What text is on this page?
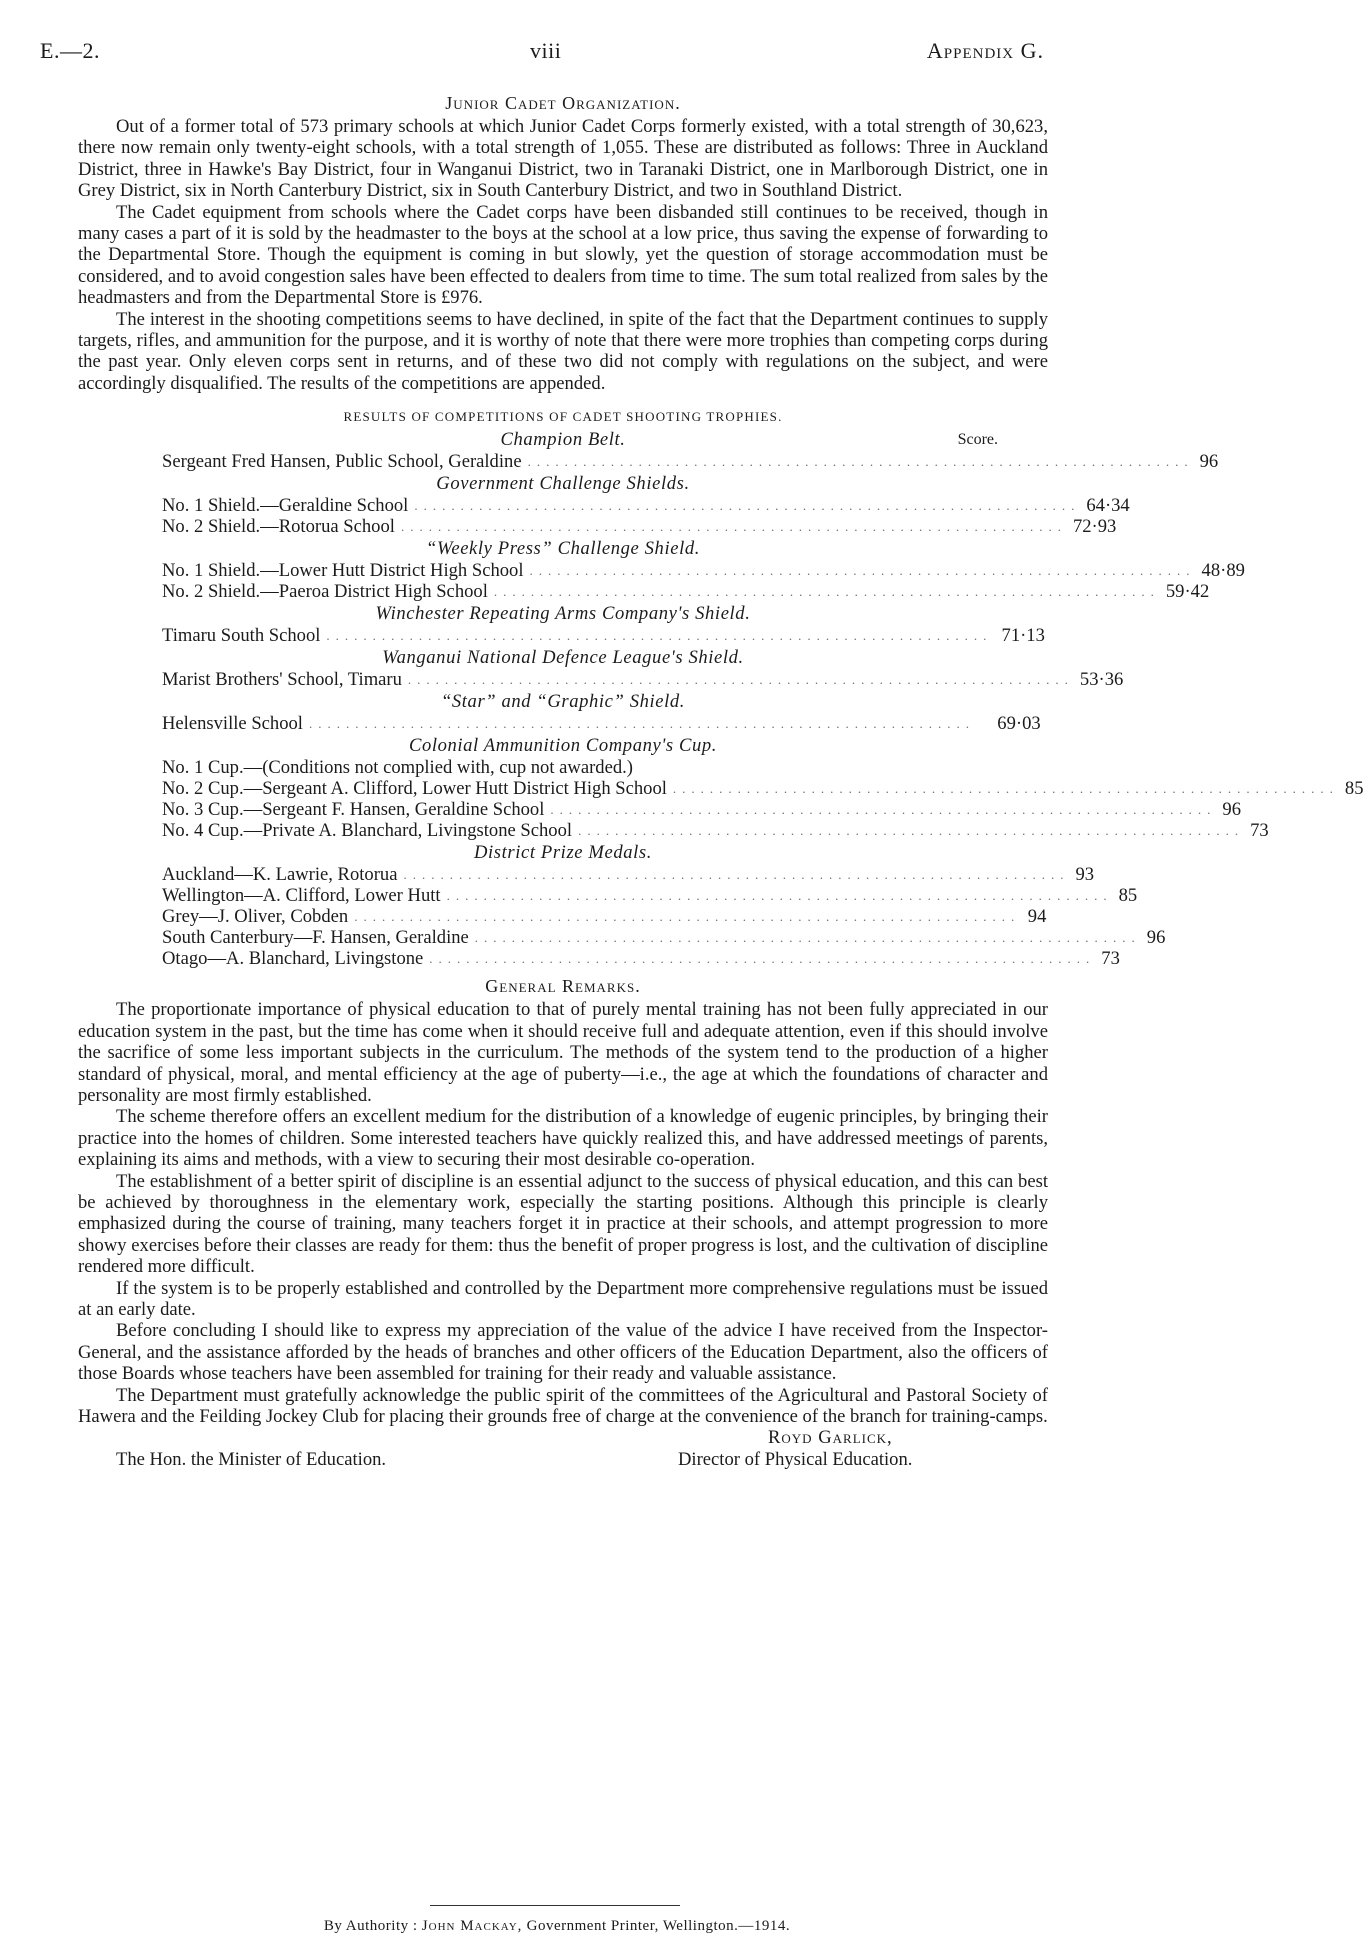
E.—2.	viii	Appendix G.
Junior Cadet Organization.

Out of a former total of 573 primary schools at which Junior Cadet Corps formerly existed, with a total strength of 30,623, there now remain only twenty-eight schools, with a total strength of 1,055. These are distributed as follows: Three in Auckland District, three in Hawke's Bay District, four in Wanganui District, two in Taranaki District, one in Marlborough District, one in Grey District, six in North Canterbury District, six in South Canterbury District, and two in Southland District.

The Cadet equipment from schools where the Cadet corps have been disbanded still continues to be received, though in many cases a part of it is sold by the headmaster to the boys at the school at a low price, thus saving the expense of forwarding to the Departmental Store. Though the equipment is coming in but slowly, yet the question of storage accommodation must be considered, and to avoid congestion sales have been effected to dealers from time to time. The sum total realized from sales by the headmasters and from the Departmental Store is £976.

The interest in the shooting competitions seems to have declined, in spite of the fact that the Department continues to supply targets, rifles, and ammunition for the purpose, and it is worthy of note that there were more trophies than competing corps during the past year. Only eleven corps sent in returns, and of these two did not comply with regulations on the subject, and were accordingly disqualified. The results of the competitions are appended.

RESULTS OF COMPETITIONS OF CADET SHOOTING TROPHIES.
Champion Belt.	Score.
Sergeant Fred Hansen, Public School, Geraldine ........................................................................ 96
Government Challenge Shields.
No. 1 Shield.—Geraldine School ........................................................................ 64·34
No. 2 Shield.—Rotorua School ........................................................................ 72·93
“Weekly Press” Challenge Shield.
No. 1 Shield.—Lower Hutt District High School ........................................................................ 48·89
No. 2 Shield.—Paeroa District High School ........................................................................ 59·42
Winchester Repeating Arms Company's Shield.
Timaru South School ........................................................................ 71·13
Wanganui National Defence League's Shield.
Marist Brothers' School, Timaru ........................................................................ 53·36
“Star” and “Graphic” Shield.
Helensville School ........................................................................	69·03
Colonial Ammunition Company's Cup.
No. 1 Cup.—(Conditions not complied with, cup not awarded.)
No. 2 Cup.—Sergeant A. Clifford, Lower Hutt District High School ........................................................................ 85
No. 3 Cup.—Sergeant F. Hansen, Geraldine School ........................................................................ 96
No. 4 Cup.—Private A. Blanchard, Livingstone School ........................................................................ 73
District Prize Medals.
Auckland—K. Lawrie, Rotorua ........................................................................ 93
Wellington—A. Clifford, Lower Hutt ........................................................................ 85
Grey—J. Oliver, Cobden ........................................................................ 94
South Canterbury—F. Hansen, Geraldine ........................................................................ 96
Otago—A. Blanchard, Livingstone ........................................................................ 73
General Remarks.

The proportionate importance of physical education to that of purely mental training has not been fully appreciated in our education system in the past, but the time has come when it should receive full and adequate attention, even if this should involve the sacrifice of some less important subjects in the curriculum. The methods of the system tend to the production of a higher standard of physical, moral, and mental efficiency at the age of puberty—i.e., the age at which the foundations of character and personality are most firmly established.

The scheme therefore offers an excellent medium for the distribution of a knowledge of eugenic principles, by bringing their practice into the homes of children. Some interested teachers have quickly realized this, and have addressed meetings of parents, explaining its aims and methods, with a view to securing their most desirable co-operation.

The establishment of a better spirit of discipline is an essential adjunct to the success of physical education, and this can best be achieved by thoroughness in the elementary work, especially the starting positions. Although this principle is clearly emphasized during the course of training, many teachers forget it in practice at their schools, and attempt progression to more showy exercises before their classes are ready for them: thus the benefit of proper progress is lost, and the cultivation of discipline rendered more difficult.

If the system is to be properly established and controlled by the Department more comprehensive regulations must be issued at an early date.

Before concluding I should like to express my appreciation of the value of the advice I have received from the Inspector-General, and the assistance afforded by the heads of branches and other officers of the Education Department, also the officers of those Boards whose teachers have been assembled for training for their ready and valuable assistance.

The Department must gratefully acknowledge the public spirit of the committees of the Agricultural and Pastoral Society of Hawera and the Feilding Jockey Club for placing their grounds free of charge at the convenience of the branch for training-camps.

Royd Garlick,
Director of Physical Education.
The Hon. the Minister of Education.
By Authority : John Mackay, Government Printer, Wellington.—1914.
